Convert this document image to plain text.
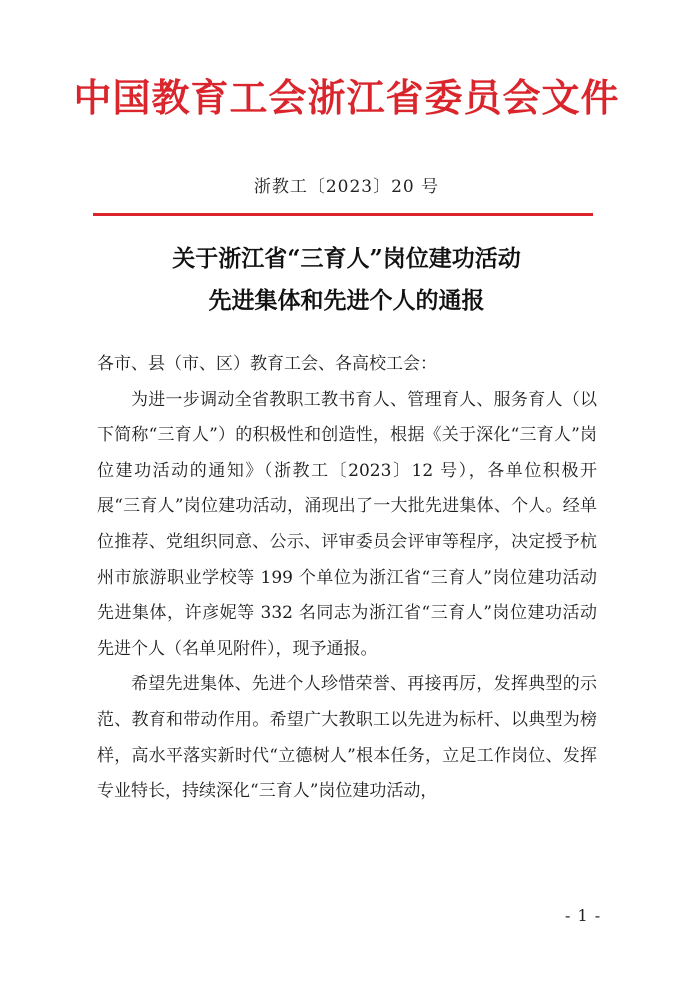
中国教育工会浙江省委员会文件
浙教工〔2023〕20 号
关于浙江省“三育人”岗位建功活动
先进集体和先进个人的通报

各市、县（市、区）教育工会、各高校工会：

为进一步调动全省教职工教书育人、管理育人、服务育人（以下简称“三育人”）的积极性和创造性，根据《关于深化“三育人”岗位建功活动的通知》（浙教工〔2023〕12 号），各单位积极开展“三育人”岗位建功活动，涌现出了一大批先进集体、个人。经单位推荐、党组织同意、公示、评审委员会评审等程序，决定授予杭州市旅游职业学校等 199 个单位为浙江省“三育人”岗位建功活动先进集体，许彦妮等 332 名同志为浙江省“三育人”岗位建功活动先进个人（名单见附件），现予通报。

希望先进集体、先进个人珍惜荣誉、再接再厉，发挥典型的示范、教育和带动作用。希望广大教职工以先进为标杆、以典型为榜样，高水平落实新时代“立德树人”根本任务，立足工作岗位、发挥专业特长，持续深化“三育人”岗位建功活动，

- 1 -
